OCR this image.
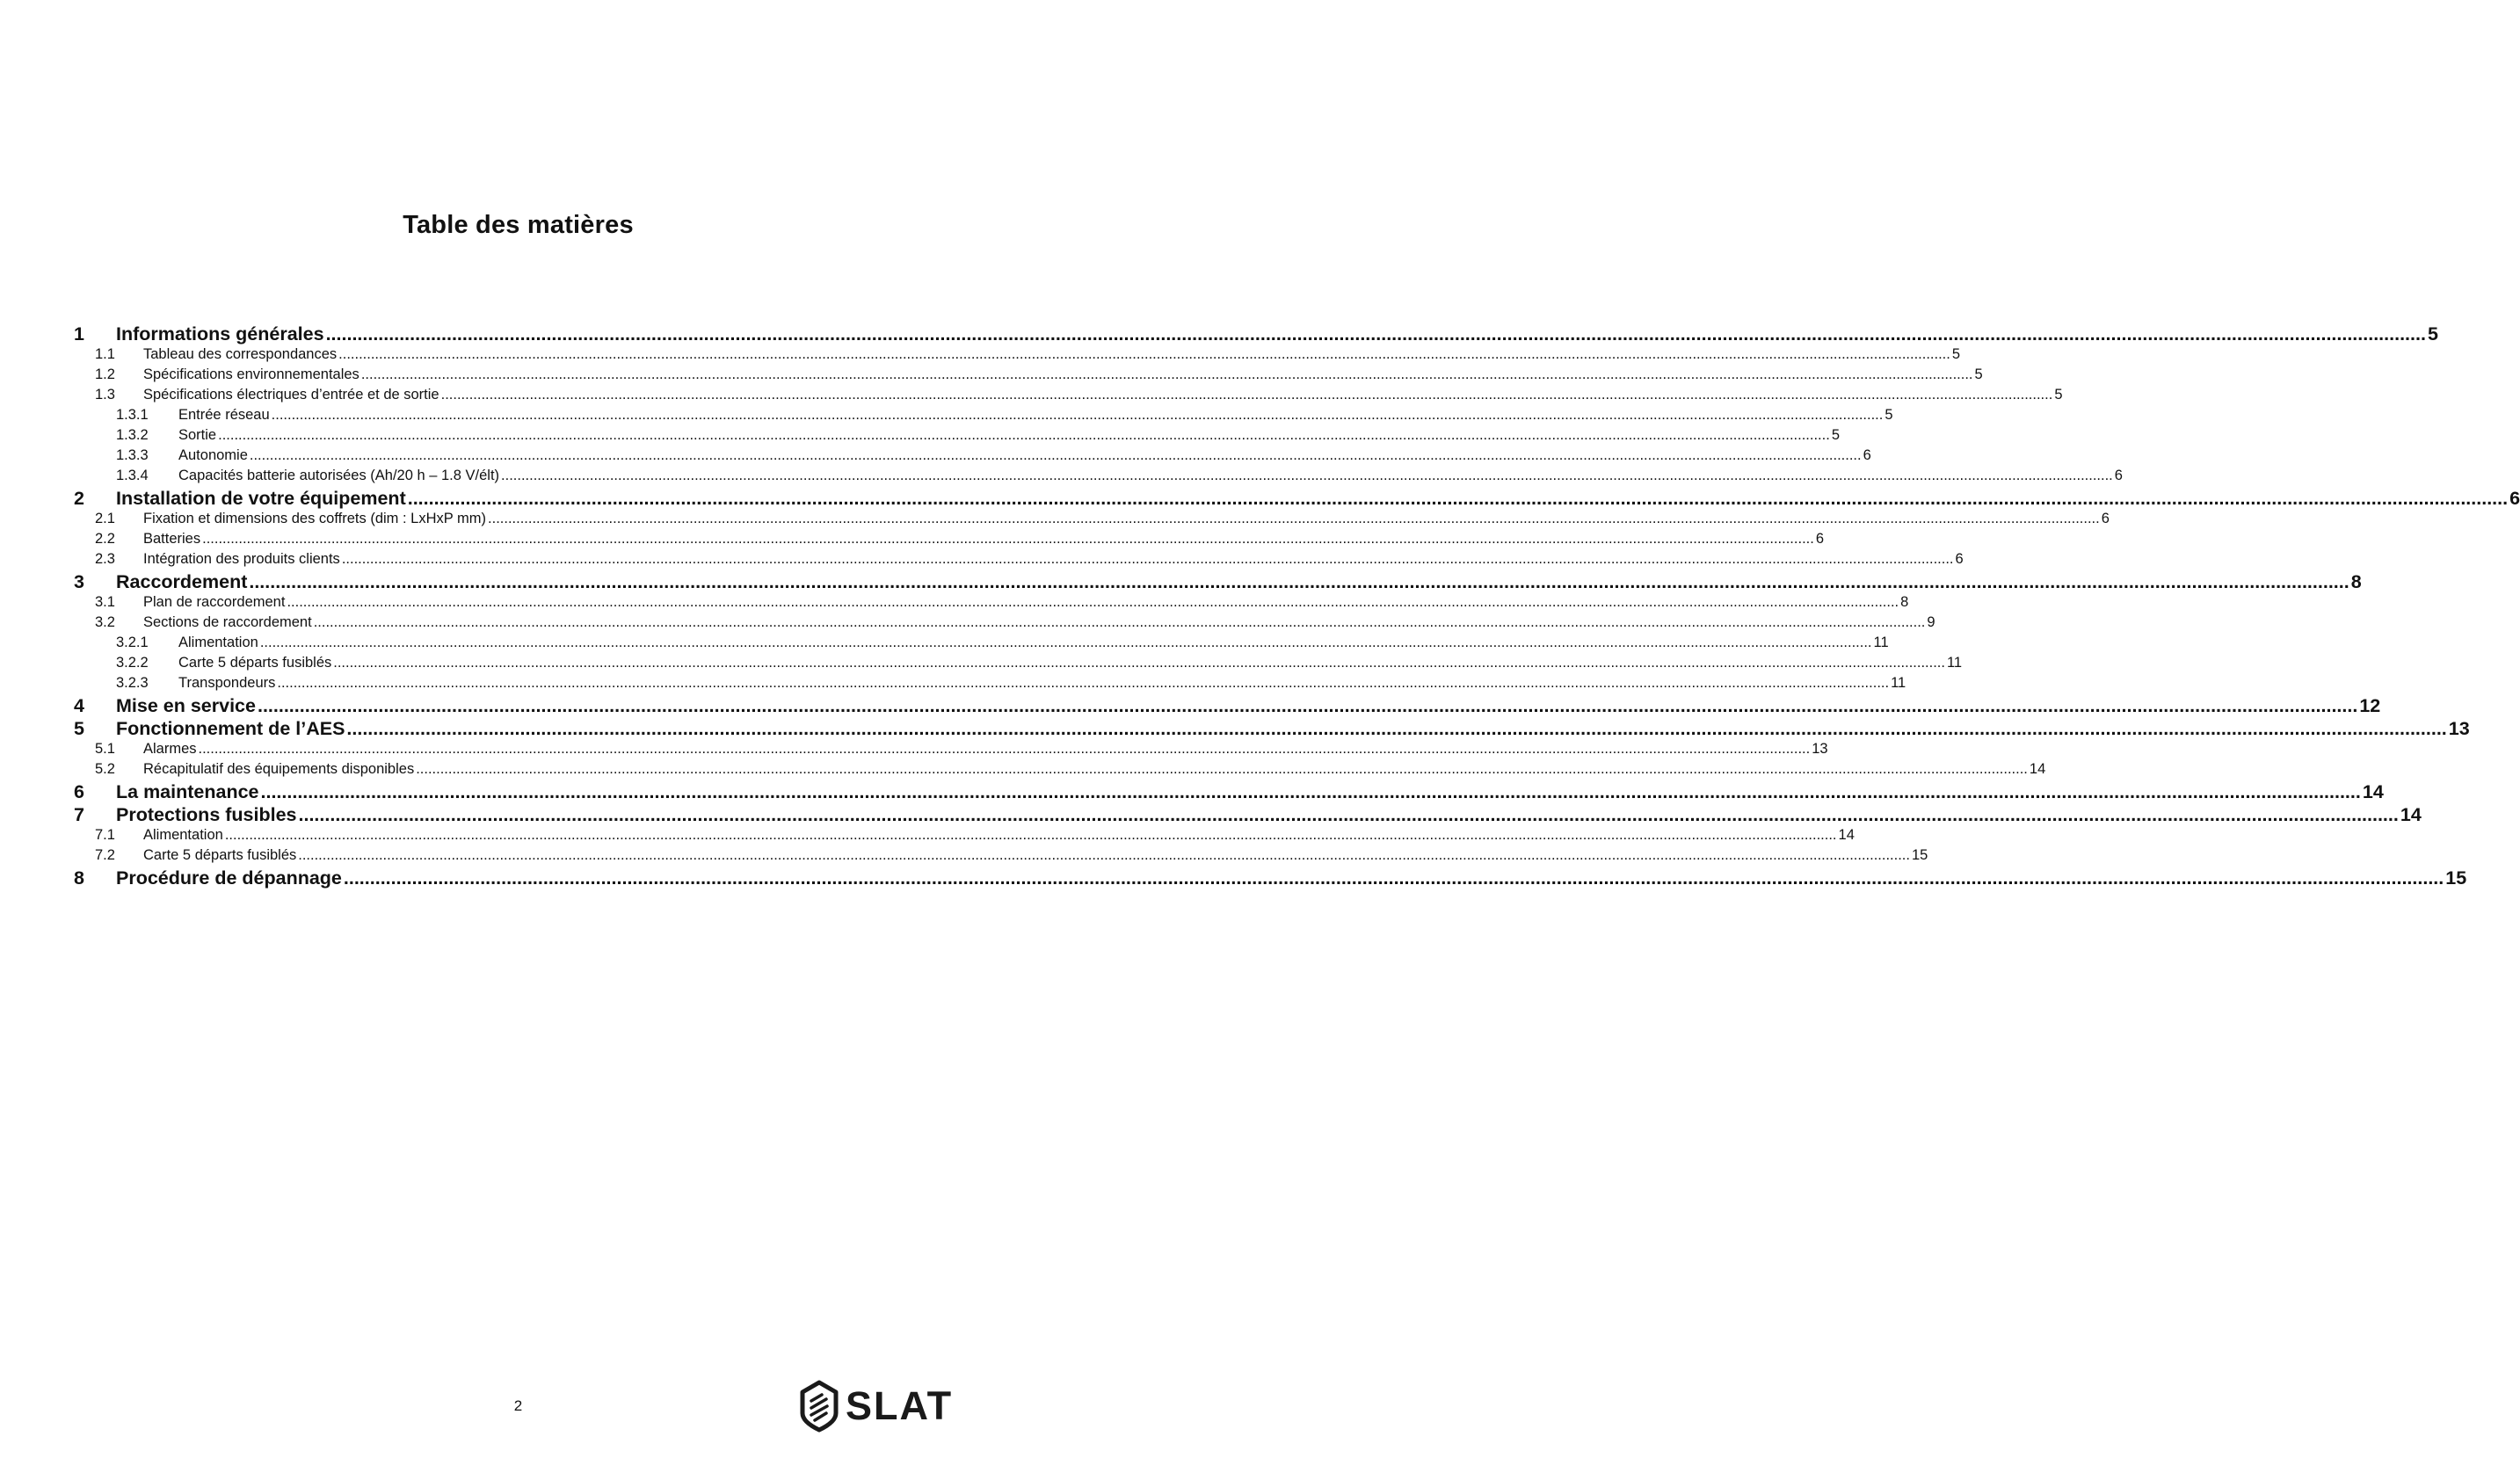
Table des matières
1	Informations générales ................................................................................................................................................................................................................................................................................................................................................................................................................ 5
1.1	Tableau des correspondances ................................................................................................................................................................................................................................................................................................................................................................................................................ 5
1.2	Spécifications environnementales ................................................................................................................................................................................................................................................................................................................................................................................................................ 5
1.3	Spécifications électriques d’entrée et de sortie ................................................................................................................................................................................................................................................................................................................................................................................................................ 5
1.3.1	Entrée réseau ................................................................................................................................................................................................................................................................................................................................................................................................................ 5
1.3.2	Sortie ................................................................................................................................................................................................................................................................................................................................................................................................................ 5
1.3.3	Autonomie ................................................................................................................................................................................................................................................................................................................................................................................................................ 6
1.3.4	Capacités batterie autorisées (Ah/20 h – 1.8 V/élt) ................................................................................................................................................................................................................................................................................................................................................................................................................ 6
2	Installation de votre équipement ................................................................................................................................................................................................................................................................................................................................................................................................................ 6
2.1	Fixation et dimensions des coffrets (dim : LxHxP mm) ................................................................................................................................................................................................................................................................................................................................................................................................................ 6
2.2	Batteries ................................................................................................................................................................................................................................................................................................................................................................................................................ 6
2.3	Intégration des produits clients ................................................................................................................................................................................................................................................................................................................................................................................................................ 6
3	Raccordement ................................................................................................................................................................................................................................................................................................................................................................................................................ 8
3.1	Plan de raccordement ................................................................................................................................................................................................................................................................................................................................................................................................................ 8
3.2	Sections de raccordement ................................................................................................................................................................................................................................................................................................................................................................................................................ 9
3.2.1	Alimentation ................................................................................................................................................................................................................................................................................................................................................................................................................ 11
3.2.2	Carte 5 départs fusiblés ................................................................................................................................................................................................................................................................................................................................................................................................................ 11
3.2.3	Transpondeurs ................................................................................................................................................................................................................................................................................................................................................................................................................ 11
4	Mise en service ................................................................................................................................................................................................................................................................................................................................................................................................................ 12
5	Fonctionnement de l’AES ................................................................................................................................................................................................................................................................................................................................................................................................................ 13
5.1	Alarmes ................................................................................................................................................................................................................................................................................................................................................................................................................ 13
5.2	Récapitulatif des équipements disponibles ................................................................................................................................................................................................................................................................................................................................................................................................................ 14
6	La maintenance ................................................................................................................................................................................................................................................................................................................................................................................................................ 14
7	Protections fusibles ................................................................................................................................................................................................................................................................................................................................................................................................................ 14
7.1	Alimentation ................................................................................................................................................................................................................................................................................................................................................................................................................ 14
7.2	Carte 5 départs fusiblés ................................................................................................................................................................................................................................................................................................................................................................................................................ 15
8	Procédure de dépannage ................................................................................................................................................................................................................................................................................................................................................................................................................ 15
2	SLAT
